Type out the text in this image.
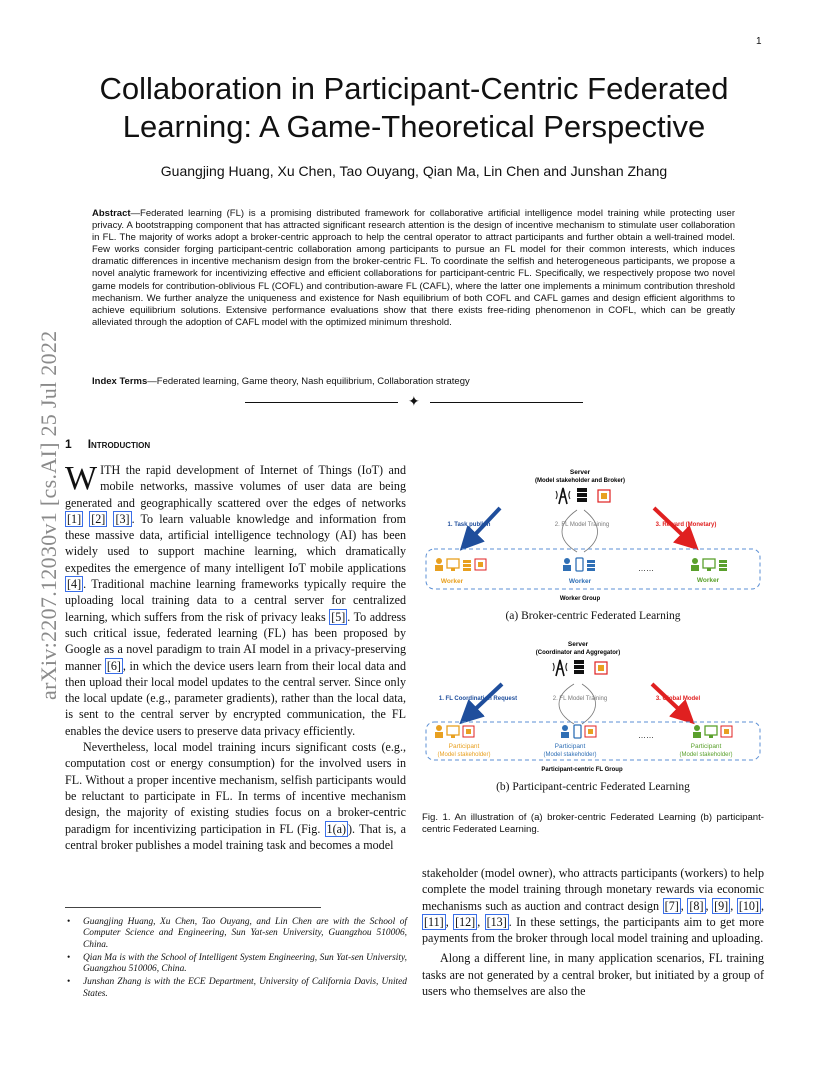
1
arXiv:2207.12030v1 [cs.AI] 25 Jul 2022
Collaboration in Participant-Centric Federated Learning: A Game-Theoretical Perspective
Guangjing Huang, Xu Chen, Tao Ouyang, Qian Ma, Lin Chen and Junshan Zhang
Abstract—Federated learning (FL) is a promising distributed framework for collaborative artificial intelligence model training while protecting user privacy. A bootstrapping component that has attracted significant research attention is the design of incentive mechanism to stimulate user collaboration in FL. The majority of works adopt a broker-centric approach to help the central operator to attract participants and further obtain a well-trained model. Few works consider forging participant-centric collaboration among participants to pursue an FL model for their common interests, which induces dramatic differences in incentive mechanism design from the broker-centric FL. To coordinate the selfish and heterogeneous participants, we propose a novel analytic framework for incentivizing effective and efficient collaborations for participant-centric FL. Specifically, we respectively propose two novel game models for contribution-oblivious FL (COFL) and contribution-aware FL (CAFL), where the latter one implements a minimum contribution threshold mechanism. We further analyze the uniqueness and existence for Nash equilibrium of both COFL and CAFL games and design efficient algorithms to achieve equilibrium solutions. Extensive performance evaluations show that there exists free-riding phenomenon in COFL, which can be greatly alleviated through the adoption of CAFL model with the optimized minimum threshold.
Index Terms—Federated learning, Game theory, Nash equilibrium, Collaboration strategy
✦
1 Introduction

WITH the rapid development of Internet of Things (IoT) and mobile networks, massive volumes of user data are being generated and geographically scattered over the edges of networks [1] [2] [3] . To learn valuable knowledge and information from these massive data, artificial intelligence technology (AI) has been widely used to support machine learning, which dramatically expedites the emergence of many intelligent IoT mobile applications [4] . Traditional machine learning frameworks typically require the uploading local training data to a central server for centralized learning, which suffers from the risk of privacy leaks [5] . To address such critical issue, federated learning (FL) has been proposed by Google as a novel paradigm to train AI model in a privacy-preserving manner [6] , in which the device users learn from their local data and then upload their local model updates to the central server. Since only the local update (e.g., parameter gradients), rather than the local data, is sent to the central server by encrypted communication, the FL enables the device users to preserve data privacy efficiently.

Nevertheless, local model training incurs significant costs (e.g., computation cost or energy consumption) for the involved users in FL. Without a proper incentive mechanism, selfish participants would be reluctant to participate in FL. In terms of incentive mechanism design, the majority of existing studies focus on a broker-centric paradigm for incentivizing participation in FL (Fig. 1(a) ). That is, a central broker publishes a model training task and becomes a model

• Guangjing Huang, Xu Chen, Tao Ouyang, and Lin Chen are with the School of Computer Science and Engineering, Sun Yat-sen University, Guangzhou 510006, China.
• Qian Ma is with the School of Intelligent System Engineering, Sun Yat-sen University, Guangzhou 510006, China.
• Junshan Zhang is with the ECE Department, University of California Davis, United States.
Server
(Model stakeholder and Broker)
1. Task publish	2. FL Model Training	3. Reward (Monetary)
Worker	Worker
……
Worker
Worker Group
Server
(Coordinator and Aggregator)
1. FL Coordination Request	2. FL Model Training	3. Global Model
Participant
(Model stakeholder)
Participant
(Model stakeholder)
……
Participant
(Model stakeholder)
Participant-centric FL Group
(a) Broker-centric Federated Learning
(b) Participant-centric Federated Learning
Fig. 1. An illustration of (a) broker-centric Federated Learning (b) participant-centric Federated Learning.

stakeholder (model owner), who attracts participants (workers) to help complete the model training through monetary rewards via economic mechanisms such as auction and contract design [7] , [8] , [9] , [10] , [11] , [12] , [13] . In these settings, the participants aim to get more payments from the broker through local model training and uploading.

Along a different line, in many application scenarios, FL training tasks are not generated by a central broker, but initiated by a group of users who themselves are also the
